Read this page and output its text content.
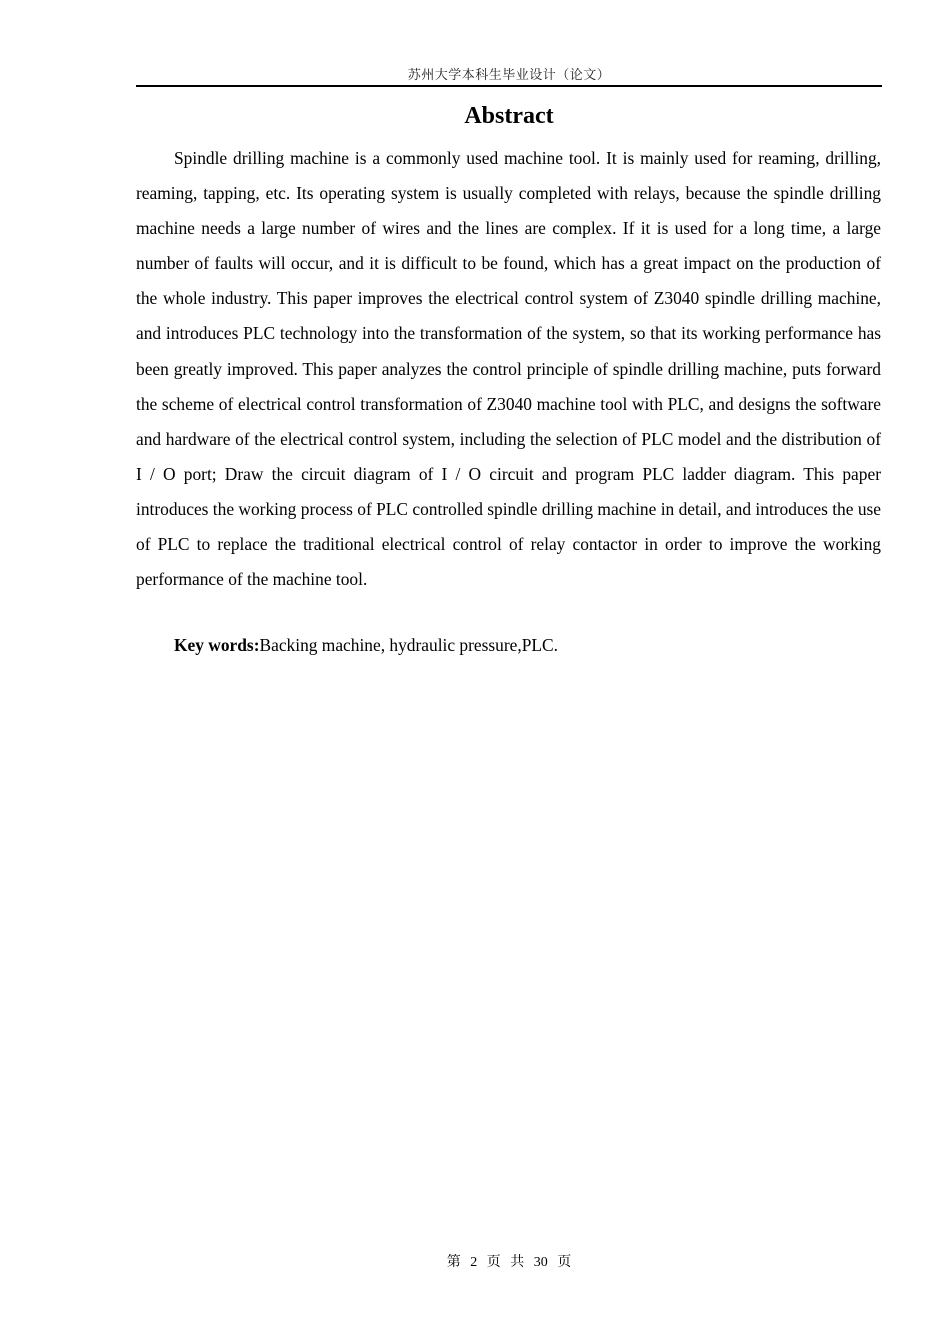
苏州大学本科生毕业设计（论文）
Abstract

Spindle drilling machine is a commonly used machine tool. It is mainly used for reaming, drilling, reaming, tapping, etc. Its operating system is usually completed with relays, because the spindle drilling machine needs a large number of wires and the lines are complex. If it is used for a long time, a large number of faults will occur, and it is difficult to be found, which has a great impact on the production of the whole industry. This paper improves the electrical control system of Z3040 spindle drilling machine, and introduces PLC technology into the transformation of the system, so that its working performance has been greatly improved. This paper analyzes the control principle of spindle drilling machine, puts forward the scheme of electrical control transformation of Z3040 machine tool with PLC, and designs the software and hardware of the electrical control system, including the selection of PLC model and the distribution of I / O port; Draw the circuit diagram of I / O circuit and program PLC ladder diagram. This paper introduces the working process of PLC controlled spindle drilling machine in detail, and introduces the use of PLC to replace the traditional electrical control of relay contactor in order to improve the working performance of the machine tool.

Key words:Backing machine, hydraulic pressure,PLC.

第 2 页 共 30 页
